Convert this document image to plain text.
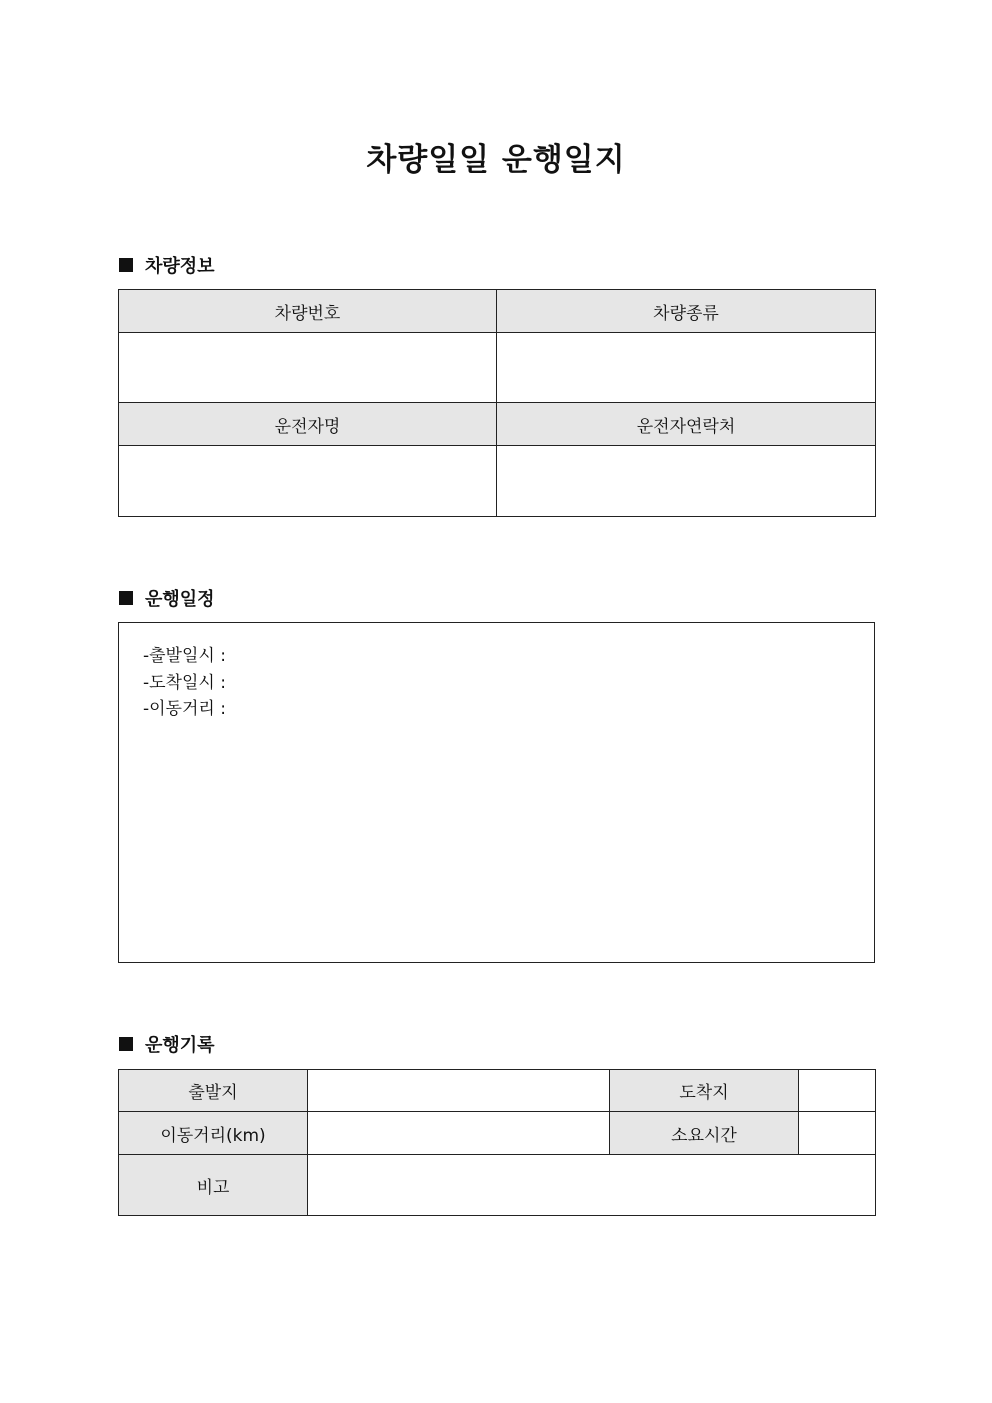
차량일일 운행일지
차량정보
차량번호	차량종류

운전자명	운전자연락처

운행일정
-출발일시 :
-도착일시 :
-이동거리 :
운행기록
출발지		도착지	
이동거리(km)		소요시간	
비고			
